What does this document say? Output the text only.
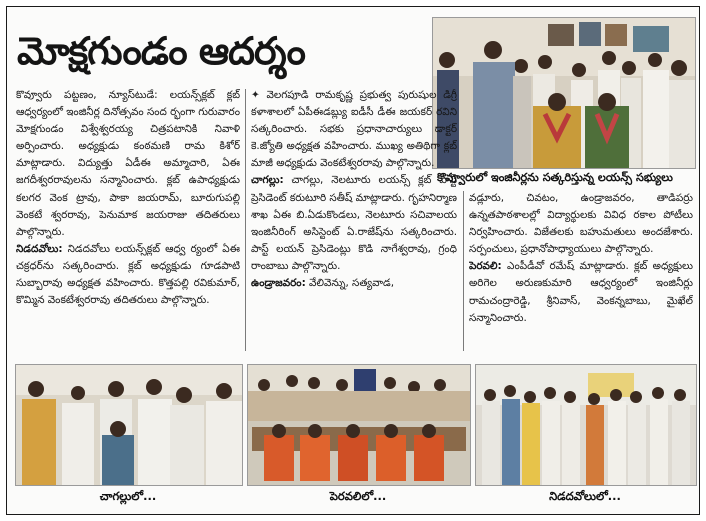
మోక్షగుండం ఆదర్శం
కొవ్వూరులో ఇంజినీర్లను సత్కరిస్తున్న లయన్స్ సభ్యులు

కొవ్వూరు పట్టణం, న్యూస్‌టుడే: లయన్స్‌క్లబ్ క్లబ్ ఆధ్వర్యంలో ఇంజినీర్ల దినోత్సవం సంద ర్భంగా గురువారం మోక్షగుండం విశ్వేశ్వరయ్య చిత్రపటానికి నివాళి అర్పించారు. అధ్యక్షుడు కంఠమణి రామ కిశోర్ మాట్లాడారు. విద్యుత్తు ఏడీఈ అమ్మాచారి, ఏఈ జగదీశ్వరరావులను సన్మానించారు. క్లబ్ ఉపాధ్యక్షుడు కలగర వెంక ట్రావు, పాకా జయరామ్, బూరుగుపల్లి వెంకటే శ్వరరావు, పెనుమాక జయరాజు తదితరులు పాల్గొన్నారు.

నిడదవోలు: నిడదవోలు లయన్స్‌క్లబ్ ఆధ్వ ర్యంలో ఏఈ చక్రధర్‌ను సత్కరించారు. క్లబ్ అధ్యక్షుడు గూడపాటి సుబ్బారావు అధ్యక్షత వహించారు. కొత్తపల్లి రవికుమార్, కొమ్మిన వెంకటేశ్వరరావు తదితరులు పాల్గొన్నారు.

✦ వెలగపూడి రామకృష్ణ ప్రభుత్వ పురుషుల డిగ్రీ కళాశాలలో ఏపీఈడబ్ల్యు ఐడీసీ డీఈ జయకర్ రవిని సత్కరించారు. సభకు ప్రధానాచార్యులు డాక్టర్ కె.జ్యోతి అధ్యక్షత వహించారు. ముఖ్య అతిథిగా క్లబ్ మాజీ అధ్యక్షుడు వెంకటేశ్వరరావు పాల్గొన్నారు.

చాగల్లు: చాగల్లు, నెలటూరు లయన్స్ క్లబ్ పాస్ట్ ప్రెసిడెంట్ కరుటూరి సతీష్ మాట్లాడారు. గృహనిర్మాణ శాఖ ఏఈ బి.ఏడుకొండలు, నెలటూరు సచివాలయ ఇంజినీరింగ్ అసిస్టెంట్ ఏ.రాజేష్‌ను సత్కరించారు. పాస్ట్ లయన్ ప్రెసిడెంట్లు కొడి నాగేశ్వరావు, గ్రంధి రాంబాబు పాల్గొన్నారు.

ఉండ్రాజవరం: వేలివెన్ను, సత్యవాడ,

వడ్లూరు, చివటం, ఉండ్రాజవరం, తాడిపర్రు ఉన్నతపాఠశాలల్లో విద్యార్థులకు వివిధ రకాల పోటీలు నిర్వహించారు. విజేతలకు బహుమతులు అందజేశారు. సర్పంచులు, ప్రధానోపాధ్యాయులు పాల్గొన్నారు.

పెరవలి: ఎంపీడీవో రమేష్ మాట్లాడారు. క్లబ్ అధ్యక్షులు అరిగెల అరుణకుమారి ఆధ్వర్యంలో ఇంజినీర్లు రామచంద్రారెడ్డి, శ్రీనివాస్, వెంకన్నబాబు, మైఖేల్ సన్మానించారు.

చాగల్లులో...	పెరవలిలో...	నిడదవోలులో...
